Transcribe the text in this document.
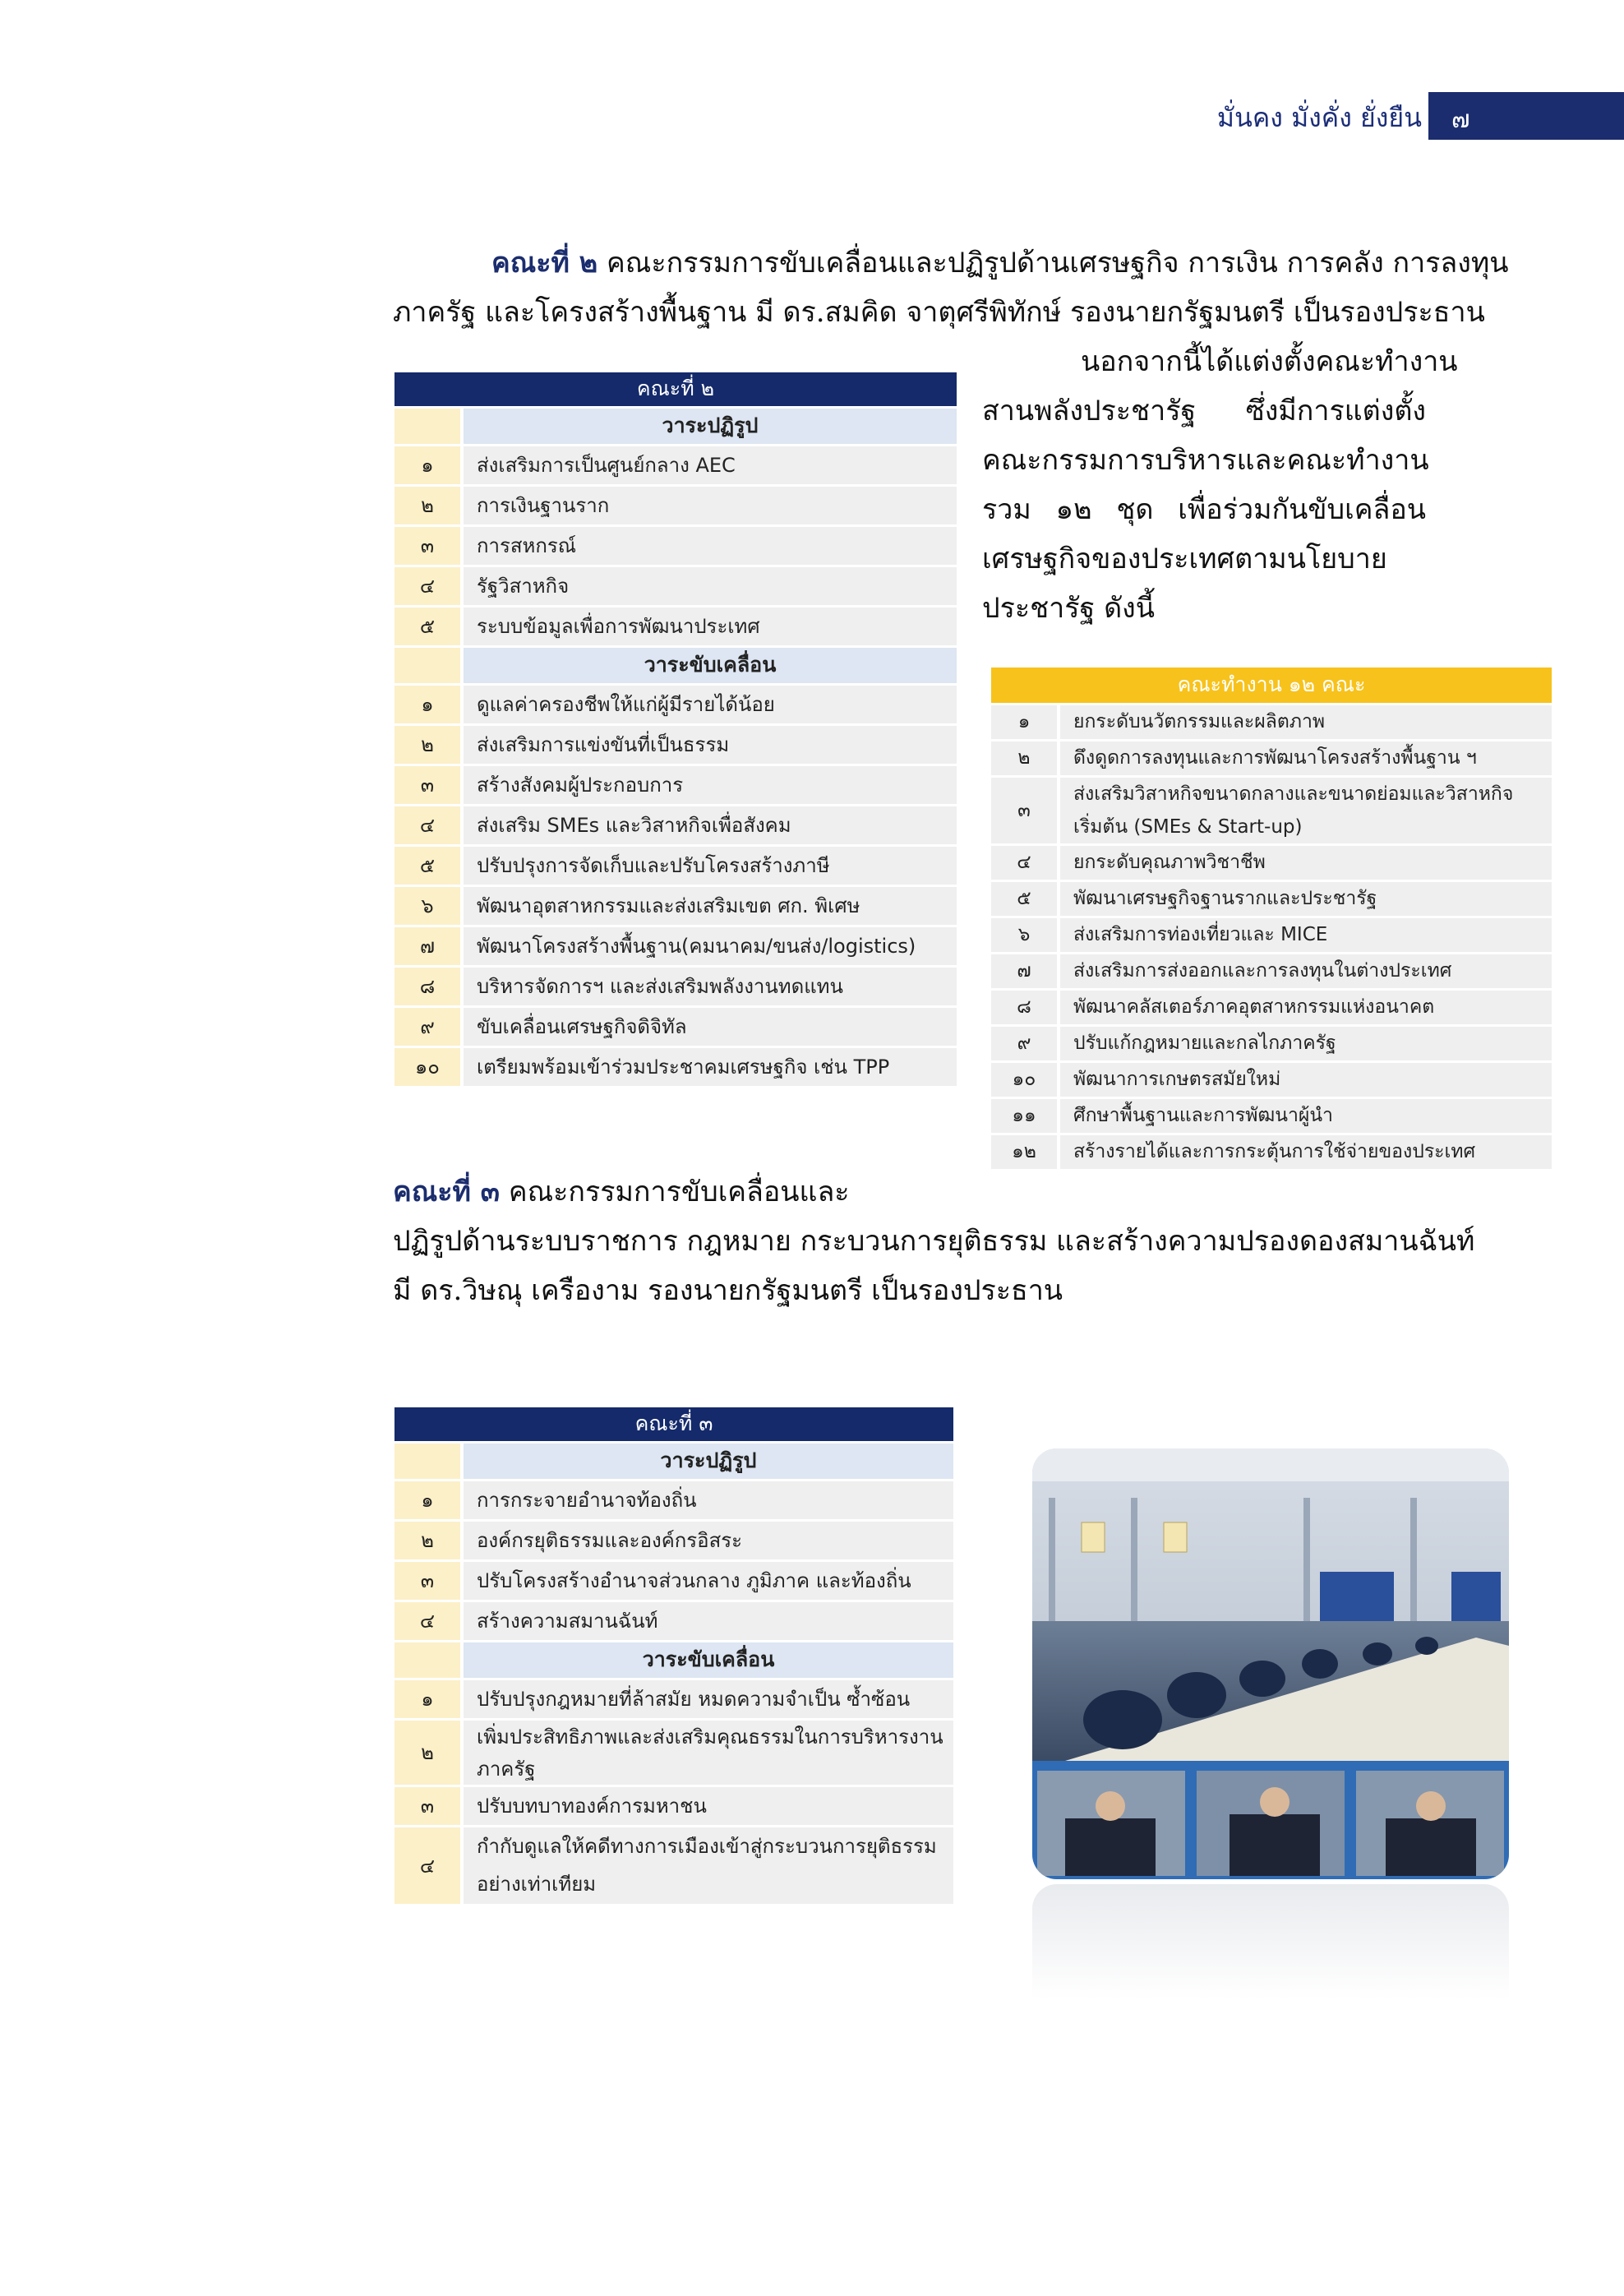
มั่นคง มั่งคั่ง ยั่งยืน	๗
คณะที่ ๒ คณะกรรมการขับเคลื่อนและปฏิรูปด้านเศรษฐกิจ การเงิน การคลัง การลงทุน
ภาครัฐ และโครงสร้างพื้นฐาน มี ดร.สมคิด จาตุศรีพิทักษ์ รองนายกรัฐมนตรี เป็นรองประธาน
นอกจากนี้ได้แต่งตั้งคณะทำงาน
สานพลังประชารัฐ ซึ่งมีการแต่งตั้ง
คณะกรรมการบริหารและคณะทำงาน
รวม ๑๒ ชุด เพื่อร่วมกันขับเคลื่อน
เศรษฐกิจของประเทศตามนโยบาย
ประชารัฐ ดังนี้
คณะที่ ๒	
	วาระปฏิรูป
๑	ส่งเสริมการเป็นศูนย์กลาง AEC
๒	การเงินฐานราก
๓	การสหกรณ์
๔	รัฐวิสาหกิจ
๕	ระบบข้อมูลเพื่อการพัฒนาประเทศ
	วาระขับเคลื่อน
๑	ดูแลค่าครองชีพให้แก่ผู้มีรายได้น้อย
๒	ส่งเสริมการแข่งขันที่เป็นธรรม
๓	สร้างสังคมผู้ประกอบการ
๔	ส่งเสริม SMEs และวิสาหกิจเพื่อสังคม
๕	ปรับปรุงการจัดเก็บและปรับโครงสร้างภาษี
๖	พัฒนาอุตสาหกรรมและส่งเสริมเขต ศก. พิเศษ
๗	พัฒนาโครงสร้างพื้นฐาน(คมนาคม/ขนส่ง/logistics)
๘	บริหารจัดการฯ และส่งเสริมพลังงานทดแทน
๙	ขับเคลื่อนเศรษฐกิจดิจิทัล
๑๐	เตรียมพร้อมเข้าร่วมประชาคมเศรษฐกิจ เช่น TPP
คณะทำงาน ๑๒ คณะ	
๑	ยกระดับนวัตกรรมและผลิตภาพ
๒	ดึงดูดการลงทุนและการพัฒนาโครงสร้างพื้นฐาน ฯ
๓	ส่งเสริมวิสาหกิจขนาดกลางและขนาดย่อมและวิสาหกิจ
เริ่มต้น (SMEs & Start-up)

๔	ยกระดับคุณภาพวิชาชีพ
๕	พัฒนาเศรษฐกิจฐานรากและประชารัฐ
๖	ส่งเสริมการท่องเที่ยวและ MICE
๗	ส่งเสริมการส่งออกและการลงทุนในต่างประเทศ
๘	พัฒนาคลัสเตอร์ภาคอุตสาหกรรมแห่งอนาคต
๙	ปรับแก้กฎหมายและกลไกภาครัฐ
๑๐	พัฒนาการเกษตรสมัยใหม่
๑๑	ศึกษาพื้นฐานและการพัฒนาผู้นำ
๑๒	สร้างรายได้และการกระตุ้นการใช้จ่ายของประเทศ
คณะที่ ๓ คณะกรรมการขับเคลื่อนและ
ปฏิรูปด้านระบบราชการ กฎหมาย กระบวนการยุติธรรม และสร้างความปรองดองสมานฉันท์
มี ดร.วิษณุ เครืองาม รองนายกรัฐมนตรี เป็นรองประธาน
คณะที่ ๓	
	วาระปฏิรูป
๑	การกระจายอำนาจท้องถิ่น
๒	องค์กรยุติธรรมและองค์กรอิสระ
๓	ปรับโครงสร้างอำนาจส่วนกลาง ภูมิภาค และท้องถิ่น
๔	สร้างความสมานฉันท์
	วาระขับเคลื่อน
๑	ปรับปรุงกฎหมายที่ล้าสมัย หมดความจำเป็น ซ้ำซ้อน
๒	เพิ่มประสิทธิภาพและส่งเสริมคุณธรรมในการบริหารงานภาครัฐ
๓	ปรับบทบาทองค์การมหาชน
๔	กำกับดูแลให้คดีทางการเมืองเข้าสู่กระบวนการยุติธรรม
อย่างเท่าเทียม
